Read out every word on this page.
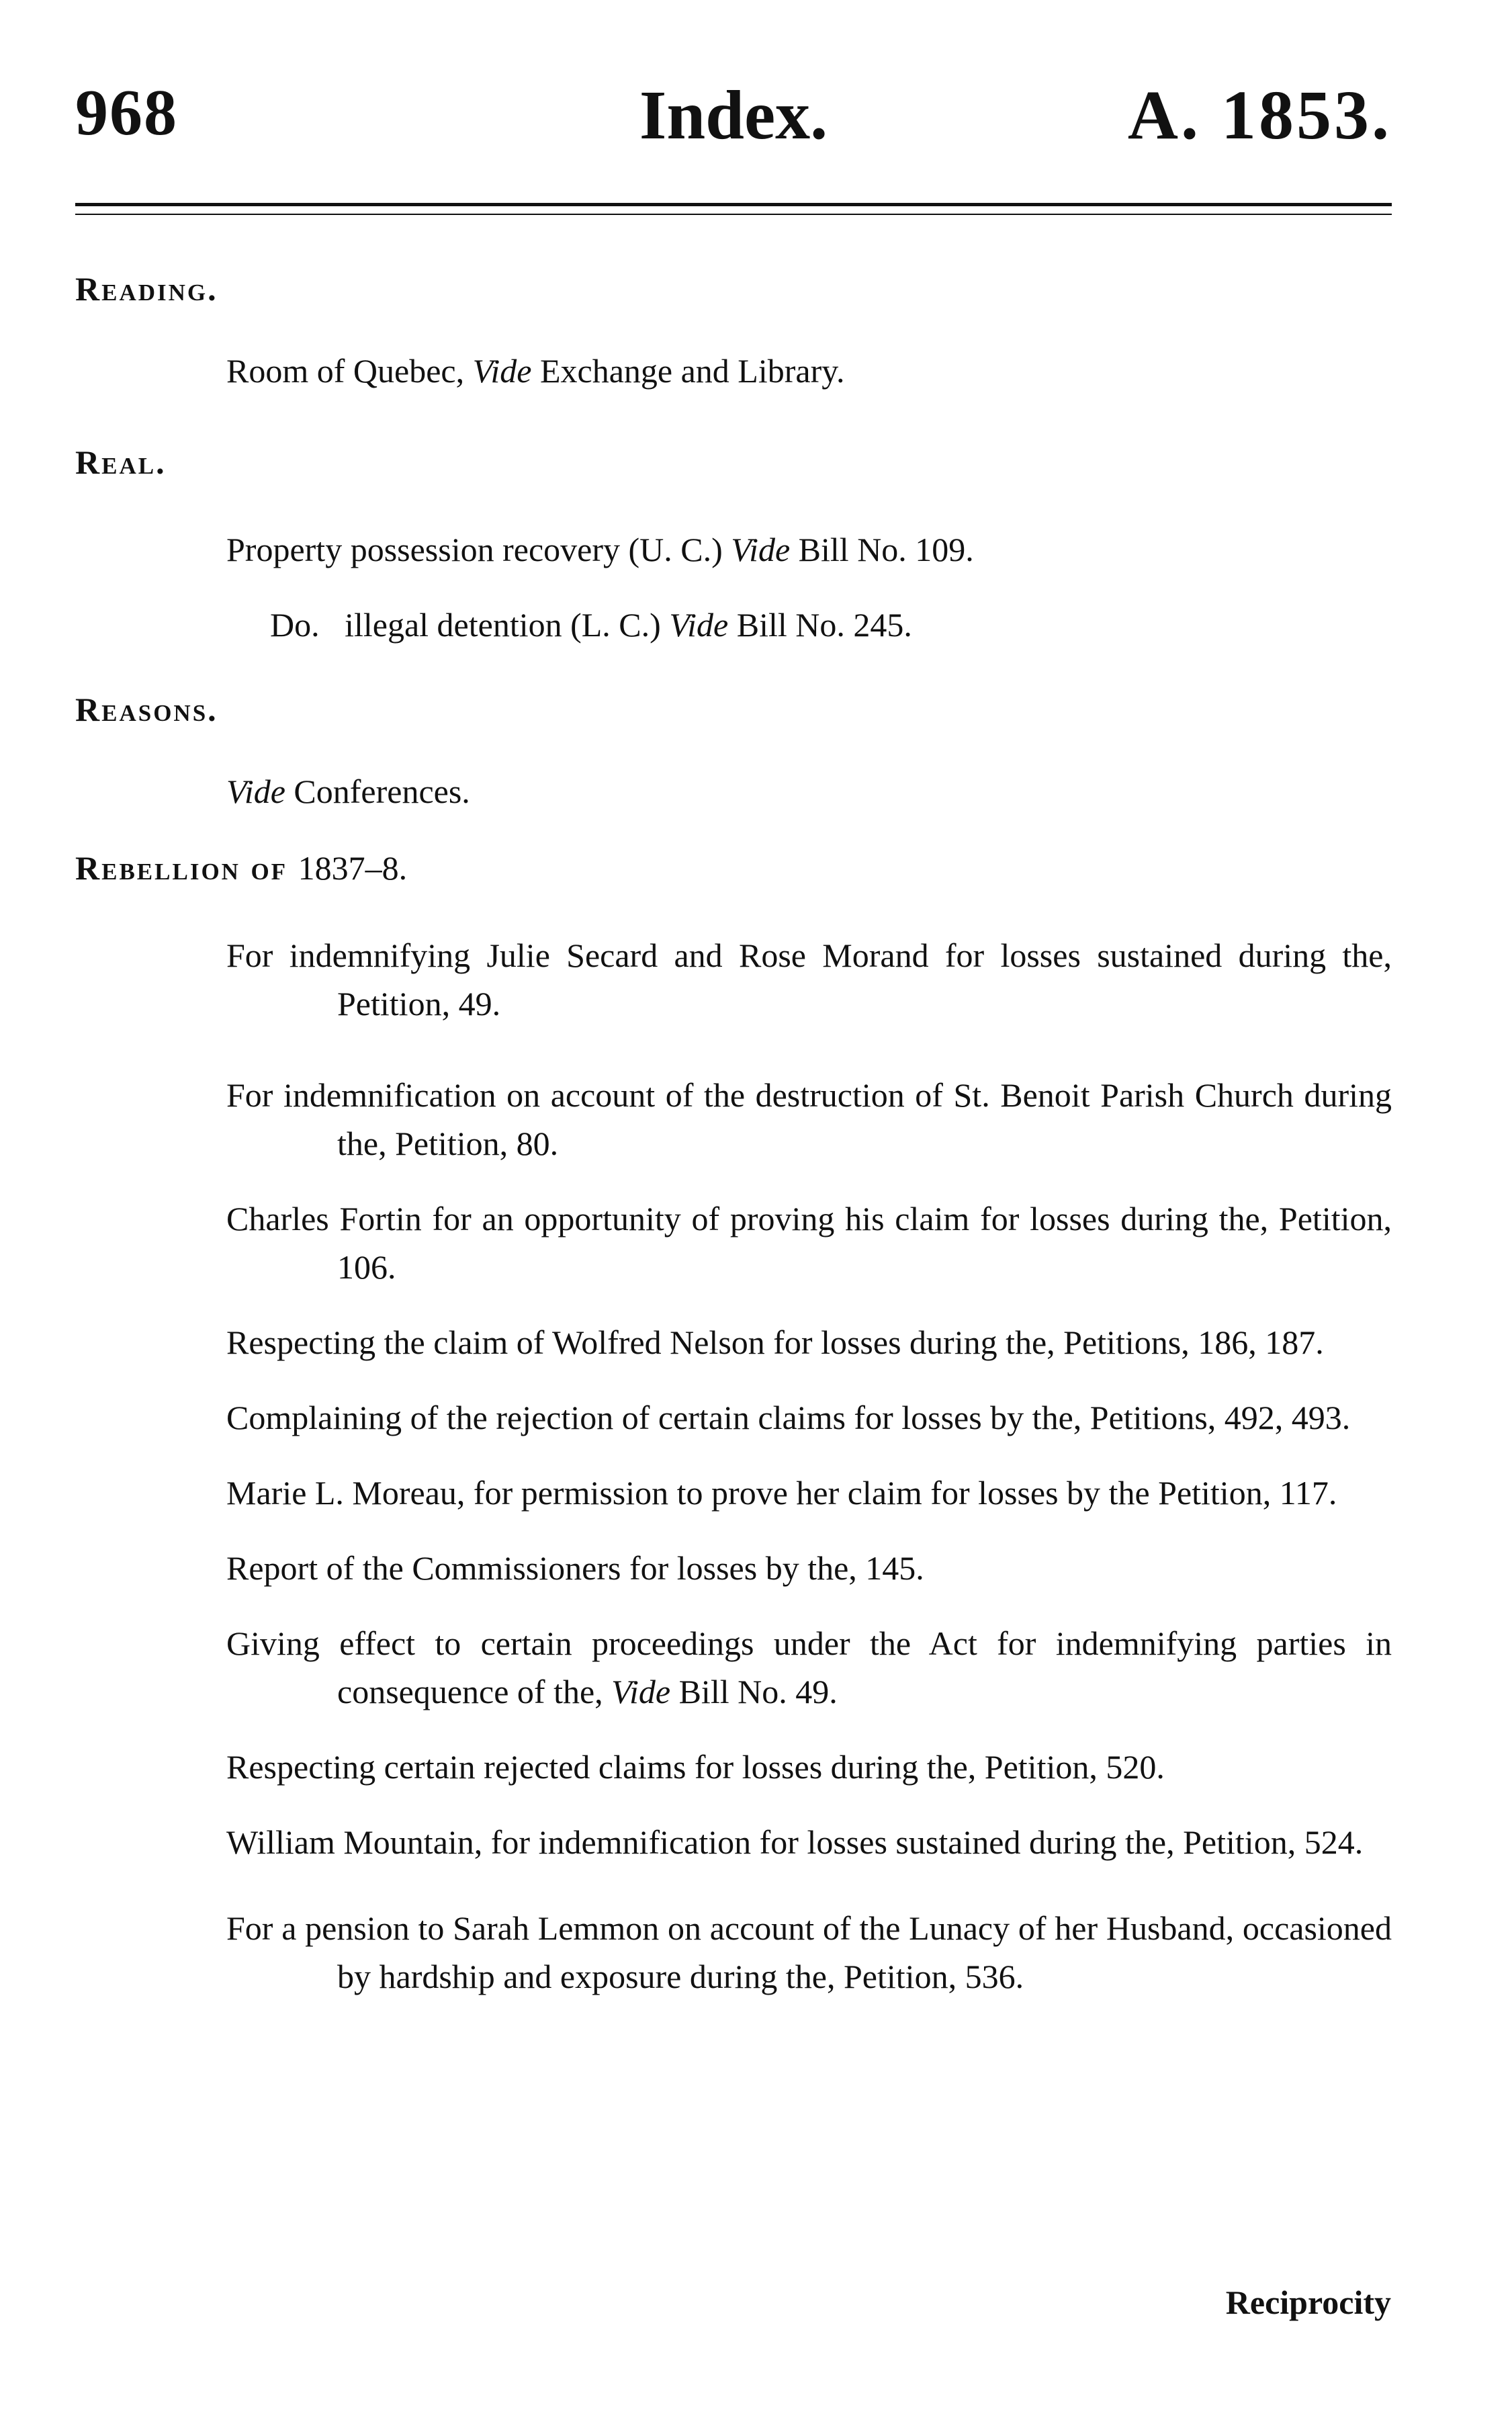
968	Index.	A. 1853.
Reading.
Room of Quebec, Vide Exchange and Library.
Real.
Property possession recovery (U. C.) Vide Bill No. 109.
Do.   illegal detention (L. C.) Vide Bill No. 245.
Reasons.
Vide Conferences.
Rebellion of 1837–8.
For indemnifying Julie Secard and Rose Morand for losses sustained during the, Petition, 49.
For indemnification on account of the destruction of St. Benoit Parish Church during the, Petition, 80.
Charles Fortin for an opportunity of proving his claim for losses during the, Petition, 106.
Respecting the claim of Wolfred Nelson for losses during the, Petitions, 186, 187.
Complaining of the rejection of certain claims for losses by the, Petitions, 492, 493.
Marie L. Moreau, for permission to prove her claim for losses by the Petition, 117.
Report of the Commissioners for losses by the, 145.
Giving effect to certain proceedings under the Act for indemnifying parties in consequence of the, Vide Bill No. 49.
Respecting certain rejected claims for losses during the, Petition, 520.
William Mountain, for indemnification for losses sustained during the, Petition, 524.
For a pension to Sarah Lemmon on account of the Lunacy of her Husband, occasioned by hardship and exposure during the, Petition, 536.
Reciprocity
